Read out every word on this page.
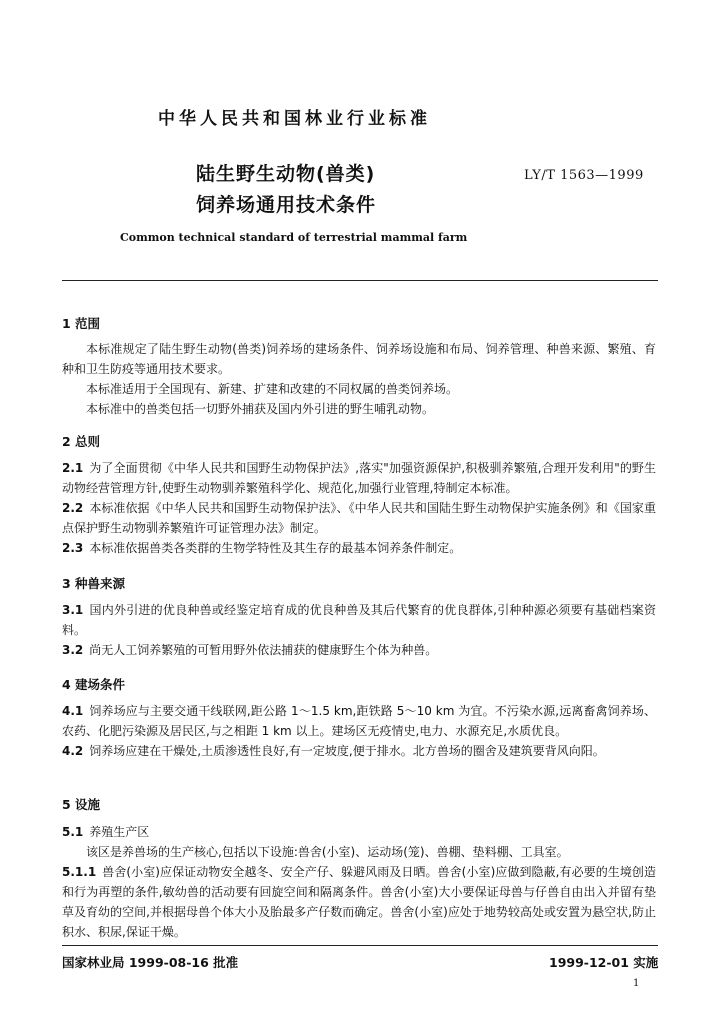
中华人民共和国林业行业标准
陆生野生动物(兽类)
饲养场通用技术条件
LY/T 1563—1999
Common technical standard of terrestrial mammal farm
1 范围
本标准规定了陆生野生动物(兽类)饲养场的建场条件、饲养场设施和布局、饲养管理、种兽来源、繁殖、育种和卫生防疫等通用技术要求。
本标准适用于全国现有、新建、扩建和改建的不同权属的兽类饲养场。
本标准中的兽类包括一切野外捕获及国内外引进的野生哺乳动物。
2 总则
2.1 为了全面贯彻《中华人民共和国野生动物保护法》,落实"加强资源保护,积极驯养繁殖,合理开发利用"的野生动物经营管理方针,使野生动物驯养繁殖科学化、规范化,加强行业管理,特制定本标准。
2.2 本标准依据《中华人民共和国野生动物保护法》、《中华人民共和国陆生野生动物保护实施条例》和《国家重点保护野生动物驯养繁殖许可证管理办法》制定。
2.3 本标准依据兽类各类群的生物学特性及其生存的最基本饲养条件制定。
3 种兽来源
3.1 国内外引进的优良种兽或经鉴定培育成的优良种兽及其后代繁育的优良群体,引种种源必须要有基础档案资料。
3.2 尚无人工饲养繁殖的可暂用野外依法捕获的健康野生个体为种兽。
4 建场条件
4.1 饲养场应与主要交通干线联网,距公路 1～1.5 km,距铁路 5～10 km 为宜。不污染水源,远离畜禽饲养场、农药、化肥污染源及居民区,与之相距 1 km 以上。建场区无疫情史,电力、水源充足,水质优良。
4.2 饲养场应建在干燥处,土质渗透性良好,有一定坡度,便于排水。北方兽场的圈舍及建筑要背风向阳。
5 设施
5.1 养殖生产区
该区是养兽场的生产核心,包括以下设施:兽舍(小室)、运动场(笼)、兽棚、垫料棚、工具室。
5.1.1 兽舍(小室)应保证动物安全越冬、安全产仔、躲避风雨及日晒。兽舍(小室)应做到隐蔽,有必要的生境创造和行为再塑的条件,敏幼兽的活动要有回旋空间和隔离条件。兽舍(小室)大小要保证母兽与仔兽自由出入并留有垫草及育幼的空间,并根据母兽个体大小及胎最多产仔数而确定。兽舍(小室)应处于地势较高处或安置为悬空状,防止积水、积尿,保证干燥。
国家林业局 1999-08-16 批准	1999-12-01 实施
1
